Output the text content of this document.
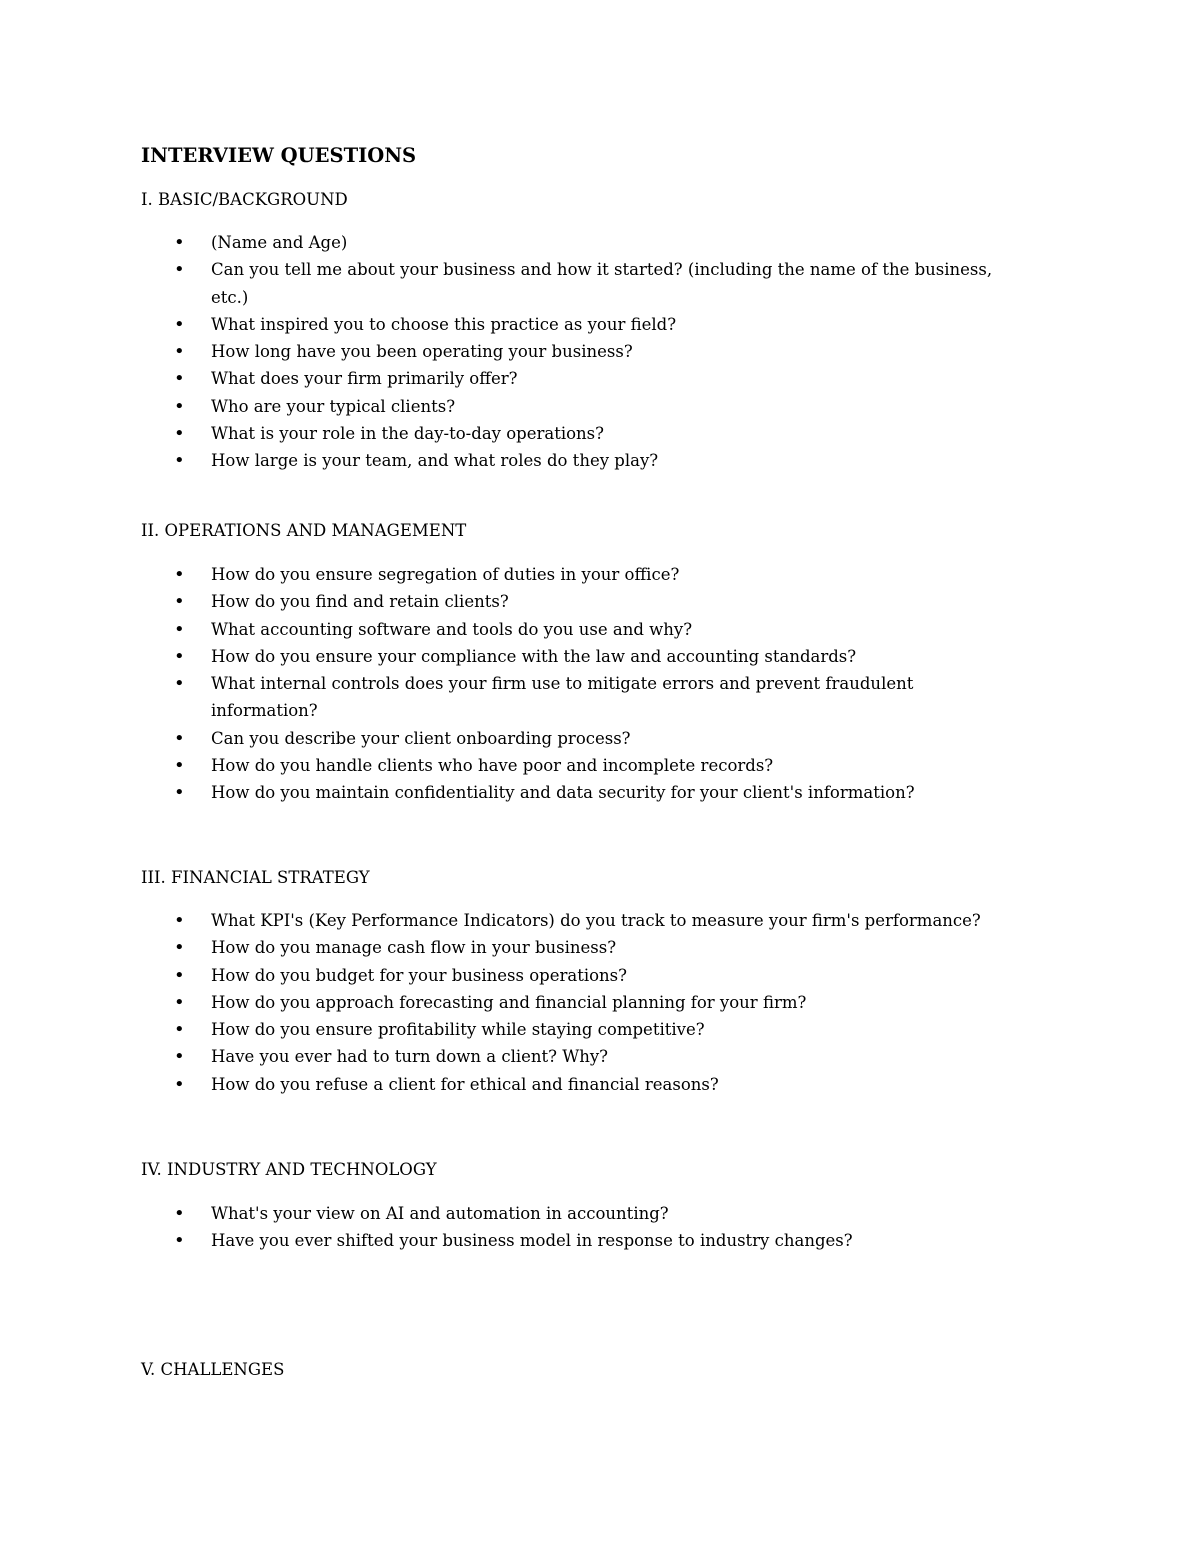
INTERVIEW QUESTIONS
I. BASIC/BACKGROUND
• (Name and Age)
• Can you tell me about your business and how it started? (including the name of the business, etc.)
• What inspired you to choose this practice as your field?
• How long have you been operating your business?
• What does your firm primarily offer?
• Who are your typical clients?
• What is your role in the day-to-day operations?
• How large is your team, and what roles do they play?
II. OPERATIONS AND MANAGEMENT
• How do you ensure segregation of duties in your office?
• How do you find and retain clients?
• What accounting software and tools do you use and why?
• How do you ensure your compliance with the law and accounting standards?
• What internal controls does your firm use to mitigate errors and prevent fraudulent information?
• Can you describe your client onboarding process?
• How do you handle clients who have poor and incomplete records?
• How do you maintain confidentiality and data security for your client's information?
III. FINANCIAL STRATEGY
• What KPI's (Key Performance Indicators) do you track to measure your firm's performance?
• How do you manage cash flow in your business?
• How do you budget for your business operations?
• How do you approach forecasting and financial planning for your firm?
• How do you ensure profitability while staying competitive?
• Have you ever had to turn down a client? Why?
• How do you refuse a client for ethical and financial reasons?
IV. INDUSTRY AND TECHNOLOGY
• What's your view on AI and automation in accounting?
• Have you ever shifted your business model in response to industry changes?
V. CHALLENGES
